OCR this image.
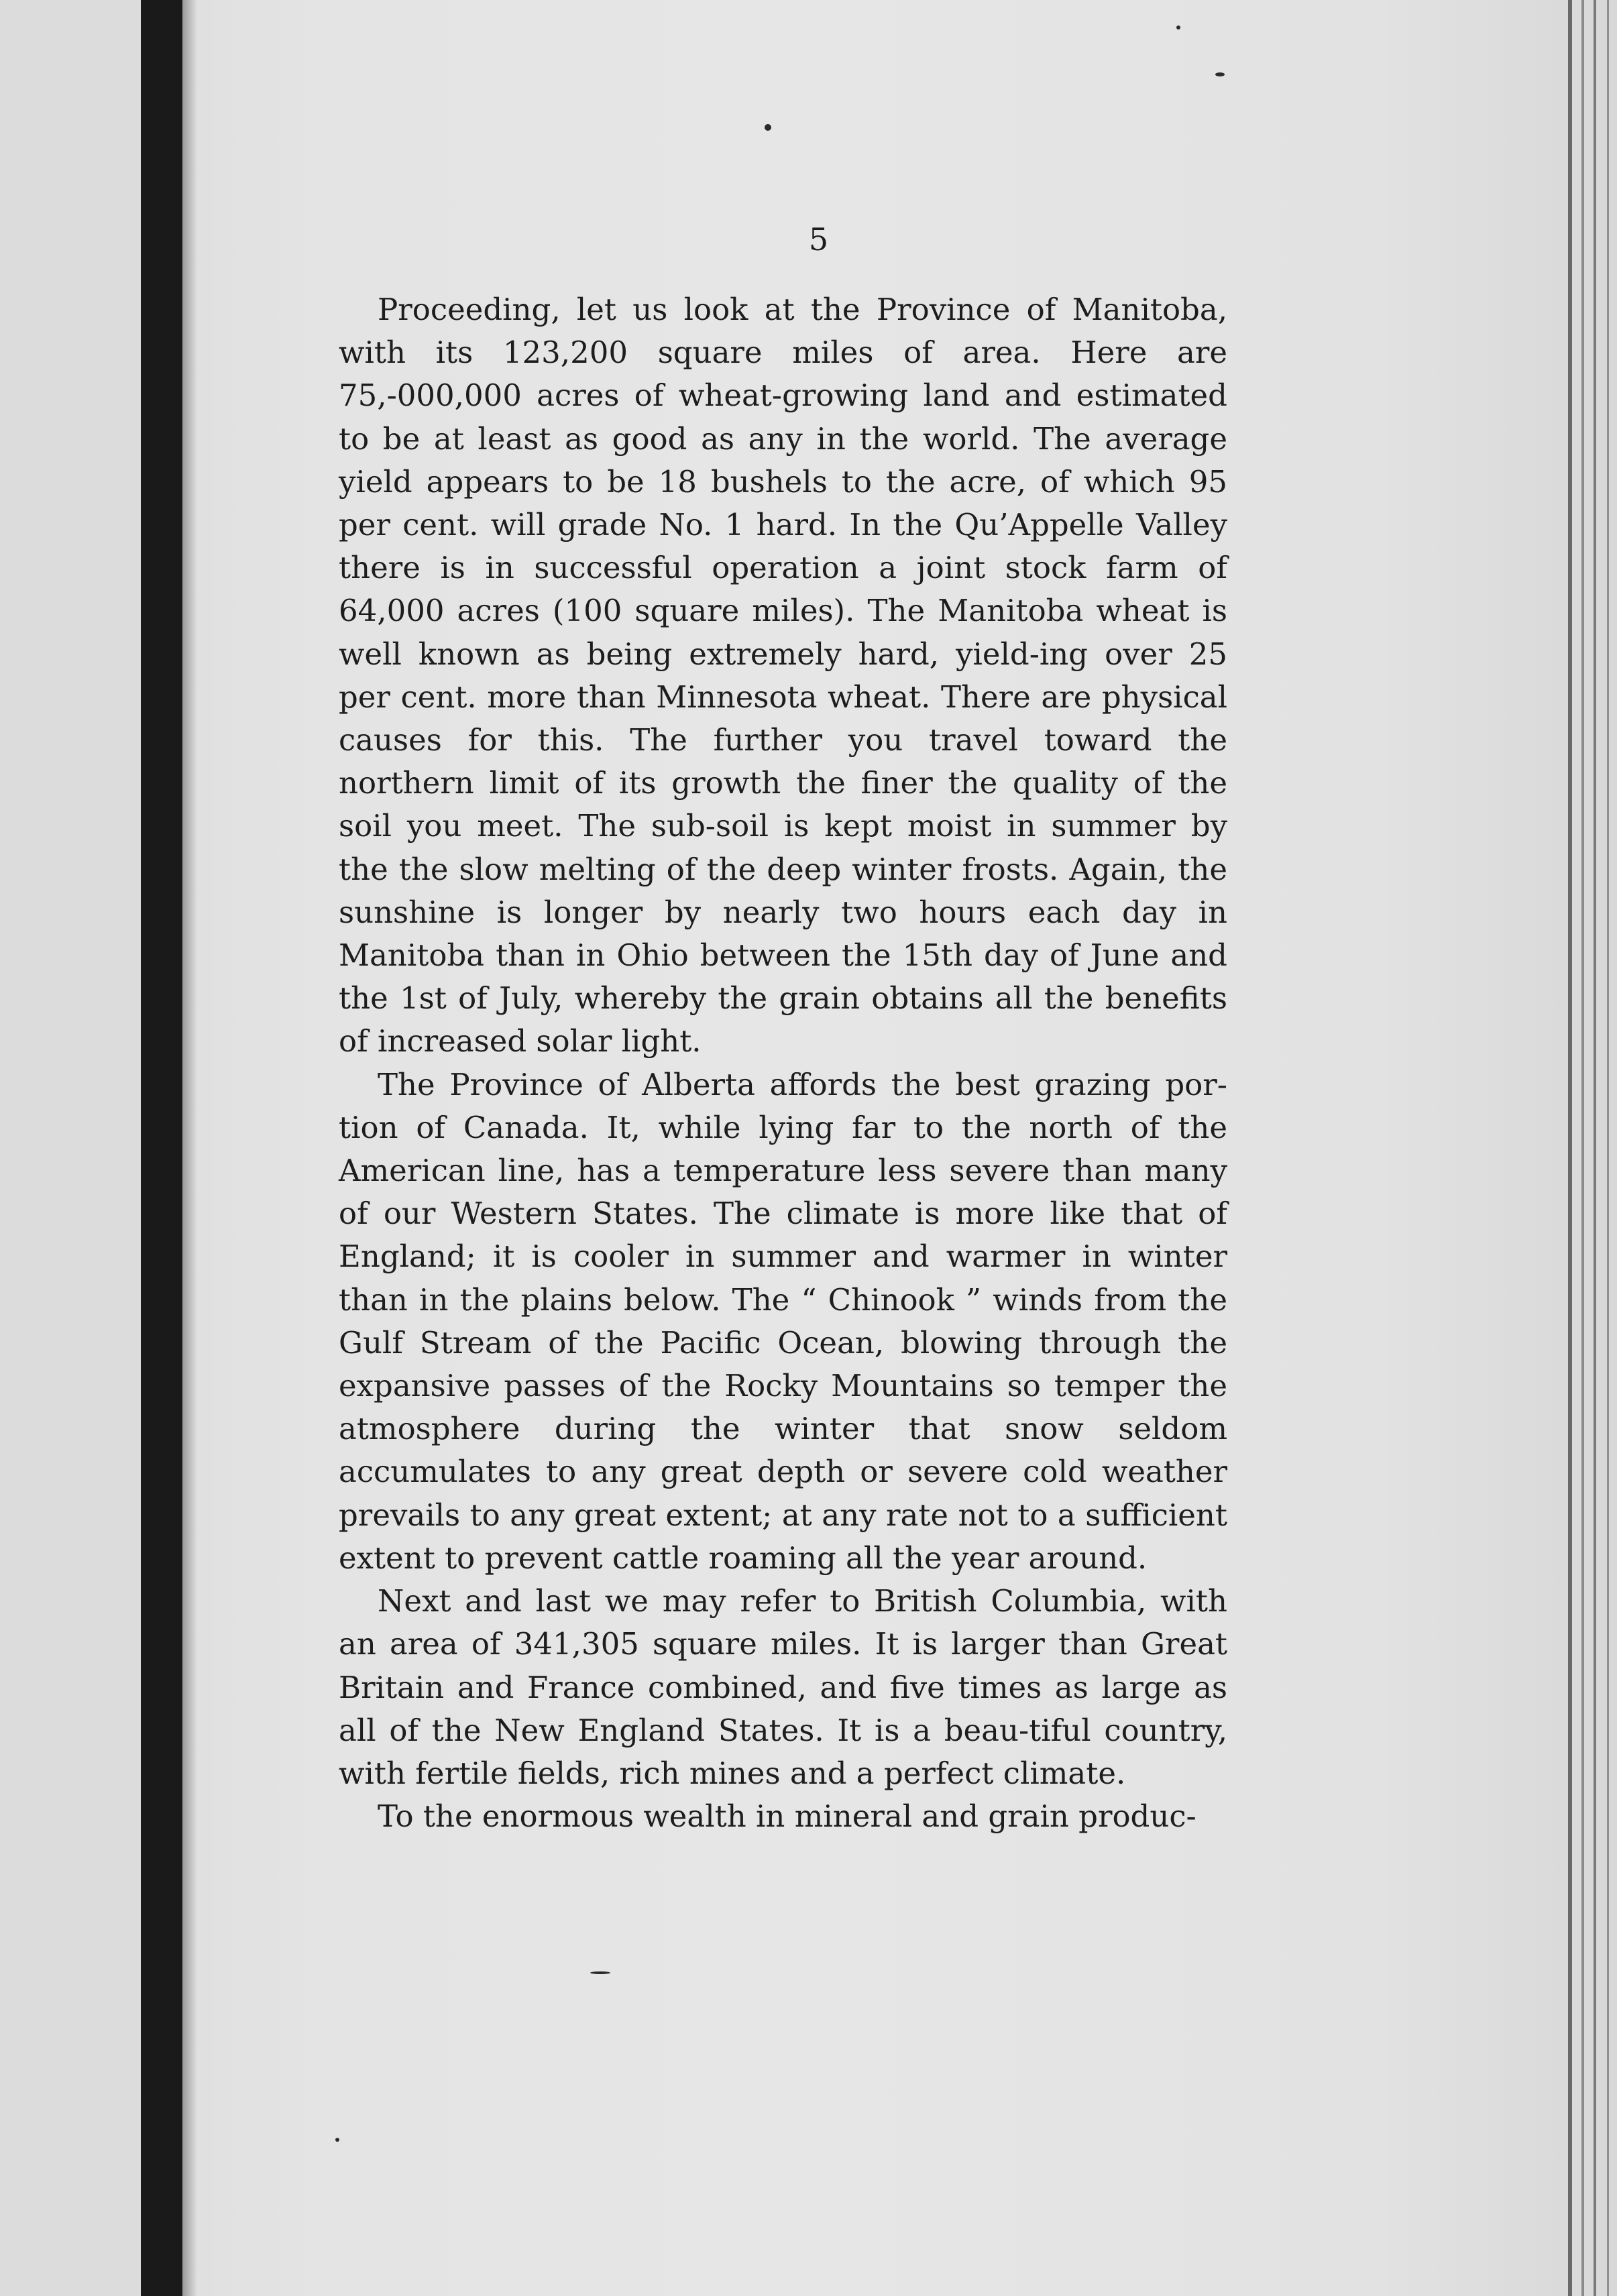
5

Proceeding, let us look at the Province of Manitoba, with its 123,200 square miles of area. Here are 75,-000,000 acres of wheat-growing land and estimated to be at least as good as any in the world. The average yield appears to be 18 bushels to the acre, of which 95 per cent. will grade No. 1 hard. In the Qu’Appelle Valley there is in successful operation a joint stock farm of 64,000 acres (100 square miles). The Manitoba wheat is well known as being extremely hard, yield-ing over 25 per cent. more than Minnesota wheat. There are physical causes for this. The further you travel toward the northern limit of its growth the finer the quality of the soil you meet. The sub-soil is kept moist in summer by the the slow melting of the deep winter frosts. Again, the sunshine is longer by nearly two hours each day in Manitoba than in Ohio between the 15th day of June and the 1st of July, whereby the grain obtains all the benefits of increased solar light.

The Province of Alberta affords the best grazing por-tion of Canada. It, while lying far to the north of the American line, has a temperature less severe than many of our Western States. The climate is more like that of England; it is cooler in summer and warmer in winter than in the plains below. The “ Chinook ” winds from the Gulf Stream of the Pacific Ocean, blowing through the expansive passes of the Rocky Mountains so temper the atmosphere during the winter that snow seldom accumulates to any great depth or severe cold weather prevails to any great extent; at any rate not to a sufficient extent to prevent cattle roaming all the year around.

Next and last we may refer to British Columbia, with an area of 341,305 square miles. It is larger than Great Britain and France combined, and five times as large as all of the New England States. It is a beau-tiful country, with fertile fields, rich mines and a perfect climate.

To the enormous wealth in mineral and grain produc-
